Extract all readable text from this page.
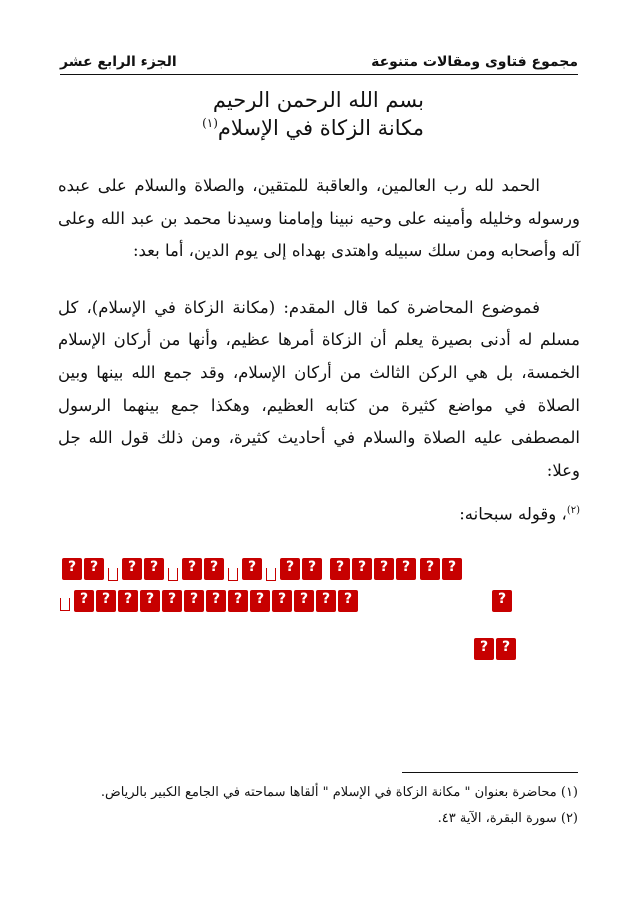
مجموع فتاوى ومقالات متنوعة
الجزء الرابع عشر
بسم الله الرحمن الرحيم
مكانة الزكاة في الإسلام$^{(١)}$

الحمد لله رب العالمين، والعاقبة للمتقين، والصلاة والسلام على عبده ورسوله وخليله وأمينه على وحيه نبينا وإمامنا وسيدنا محمد بن عبد الله وعلى آله وأصحابه ومن سلك سبيله واهتدى بهداه إلى يوم الدين، أما بعد:

فموضوع المحاضرة كما قال المقدم: (مكانة الزكاة في الإسلام)، كل مسلم له أدنى بصيرة يعلم أن الزكاة أمرها عظيم، وأنها من أركان الإسلام الخمسة، بل هي الركن الثالث من أركان الإسلام، وقد جمع الله بينها وبين الصلاة في مواضع كثيرة من كتابه العظيم، وهكذا جمع بينهما الرسول المصطفى عليه الصلاة والسلام في أحاديث كثيرة، ومن ذلك قول الله جل وعلا:

$^{(٢)}$، وقوله سبحانه:

?
?
?
?
?
?
?
?
?
?
?
?
?
?
?
?
?
?
?
?
?
?
?
?
?
?
?
?
?
?
?
(١) محاضرة بعنوان " مكانة الزكاة في الإسلام " ألقاها سماحته في الجامع الكبير بالرياض.
(٢) سورة البقرة، الآية ٤٣.
